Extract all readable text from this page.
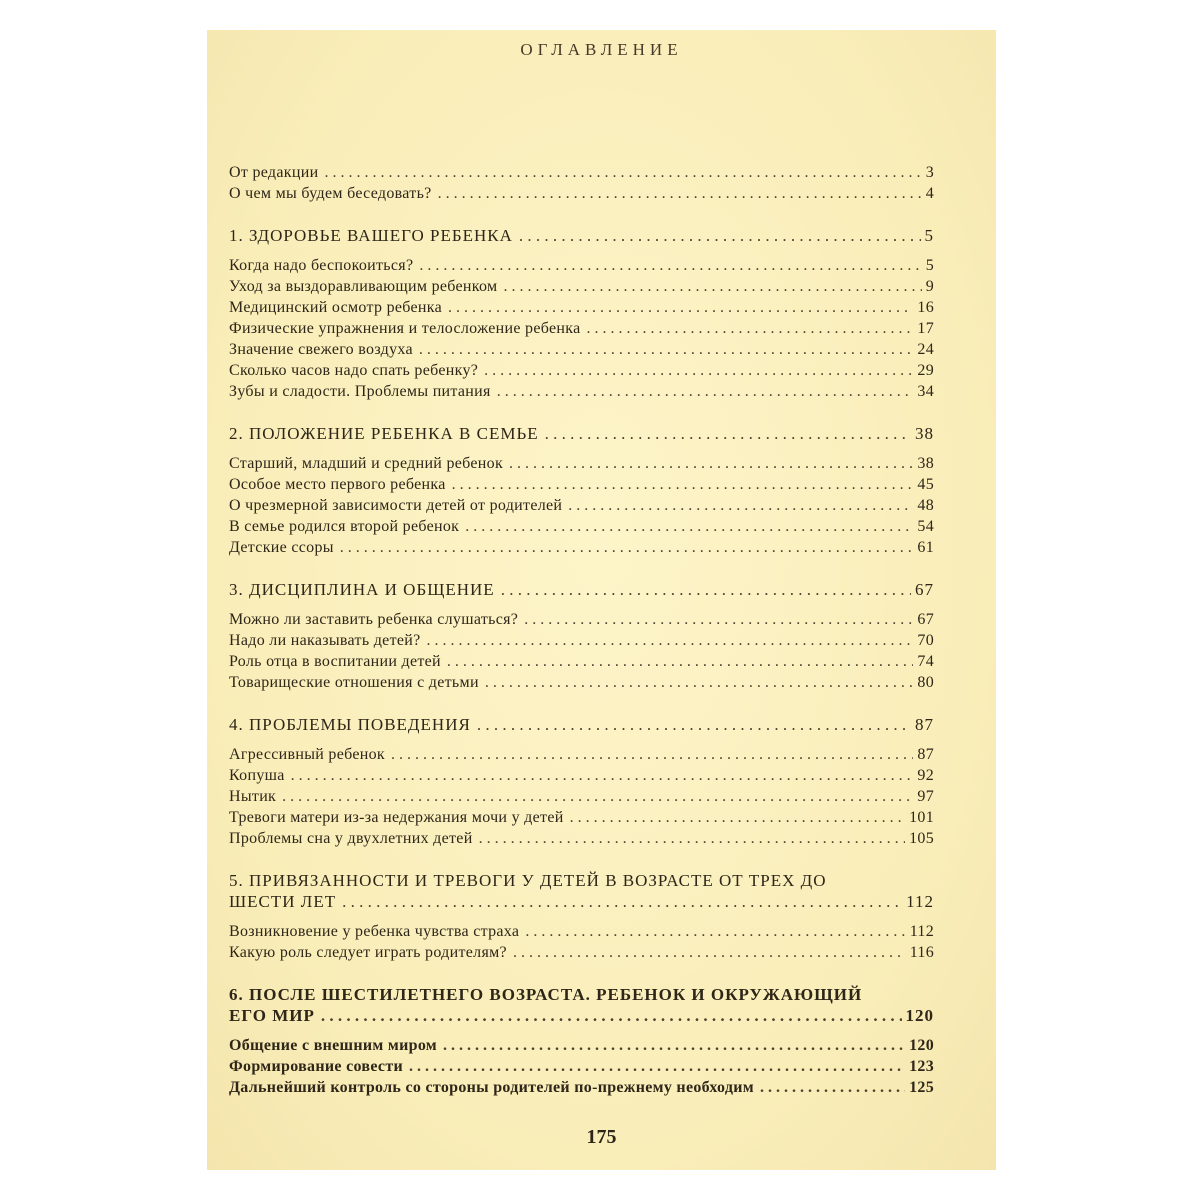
ОГЛАВЛЕНИЕ
От редакции . . .	3
О чем мы будем беседовать? . . .	4
1. ЗДОРОВЬЕ ВАШЕГО РЕБЕНКА . . .	5
Когда надо беспокоиться? . . .	5
Уход за выздоравливающим ребенком . . .	9
Медицинский осмотр ребенка . . .	16
Физические упражнения и телосложение ребенка . . .	17
Значение свежего воздуха . . .	24
Сколько часов надо спать ребенку? . . .	29
Зубы и сладости. Проблемы питания . . .	34
2. ПОЛОЖЕНИЕ РЕБЕНКА В СЕМЬЕ . . .	38
Старший, младший и средний ребенок . . .	38
Особое место первого ребенка . . .	45
О чрезмерной зависимости детей от родителей . . .	48
В семье родился второй ребенок . . .	54
Детские ссоры . . .	61
3. ДИСЦИПЛИНА И ОБЩЕНИЕ . . .	67
Можно ли заставить ребенка слушаться? . . .	67
Надо ли наказывать детей? . . .	70
Роль отца в воспитании детей . . .	74
Товарищеские отношения с детьми . . .	80
4. ПРОБЛЕМЫ ПОВЕДЕНИЯ . . .	87
Агрессивный ребенок . . .	87
Копуша . . .	92
Нытик . . .	97
Тревоги матери из-за недержания мочи у детей . . .	101
Проблемы сна у двухлетних детей . . .	105
5. ПРИВЯЗАННОСТИ И ТРЕВОГИ У ДЕТЕЙ В ВОЗРАСТЕ ОТ ТРЕХ ДО
ШЕСТИ ЛЕТ . . .	112
Возникновение у ребенка чувства страха . . .	112
Какую роль следует играть родителям? . . .	116
6. ПОСЛЕ ШЕСТИЛЕТНЕГО ВОЗРАСТА. РЕБЕНОК И ОКРУЖАЮЩИЙ
ЕГО МИР . . .	120
Общение с внешним миром . . .	120
Формирование совести . . .	123
Дальнейший контроль со стороны родителей по-прежнему необходим . . .	125
175
